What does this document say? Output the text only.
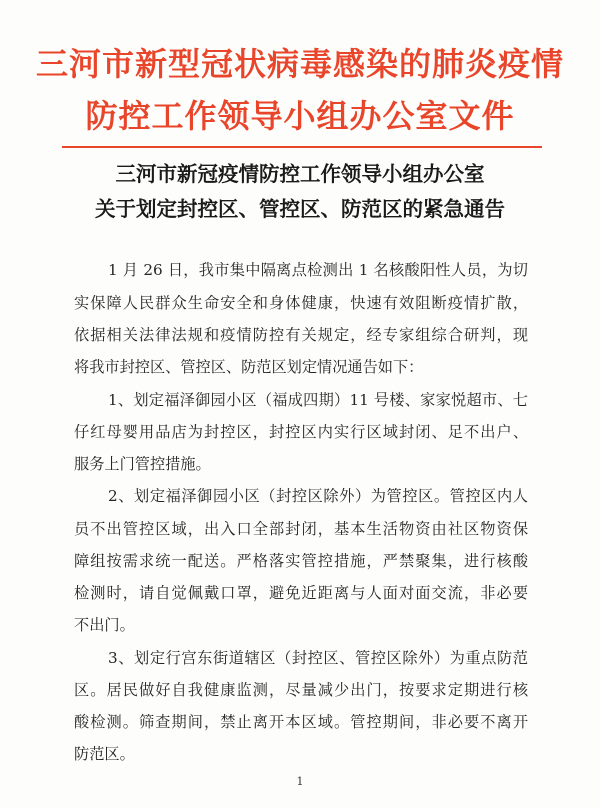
三河市新型冠状病毒感染的肺炎疫情
防控工作领导小组办公室文件
三河市新冠疫情防控工作领导小组办公室
关于划定封控区、管控区、防范区的紧急通告
1 月 26 日，我市集中隔离点检测出 1 名核酸阳性人员，为切
实保障人民群众生命安全和身体健康，快速有效阻断疫情扩散，
依据相关法律法规和疫情防控有关规定，经专家组综合研判，现
将我市封控区、管控区、防范区划定情况通告如下：
1、划定福泽御园小区（福成四期）11 号楼、家家悦超市、七
仔红母婴用品店为封控区，封控区内实行区域封闭、足不出户、
服务上门管控措施。
2、划定福泽御园小区（封控区除外）为管控区。管控区内人
员不出管控区域，出入口全部封闭，基本生活物资由社区物资保
障组按需求统一配送。严格落实管控措施，严禁聚集，进行核酸
检测时，请自觉佩戴口罩，避免近距离与人面对面交流，非必要
不出门。
3、划定行宫东街道辖区（封控区、管控区除外）为重点防范
区。居民做好自我健康监测，尽量减少出门，按要求定期进行核
酸检测。筛查期间，禁止离开本区域。管控期间，非必要不离开
防范区。
1
